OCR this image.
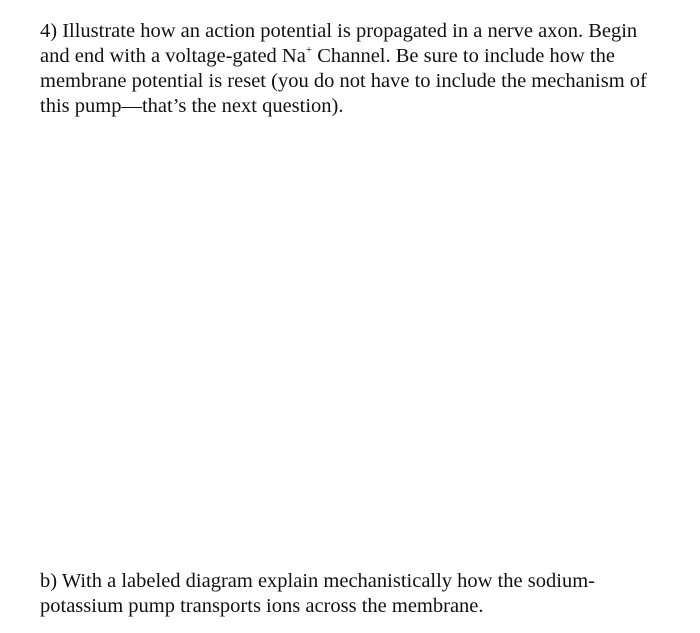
4) Illustrate how an action potential is propagated in a nerve axon. Begin
and end with a voltage-gated Na+ Channel. Be sure to include how the
membrane potential is reset (you do not have to include the mechanism of
this pump—that’s the next question).
b) With a labeled diagram explain mechanistically how the sodium-
potassium pump transports ions across the membrane.
